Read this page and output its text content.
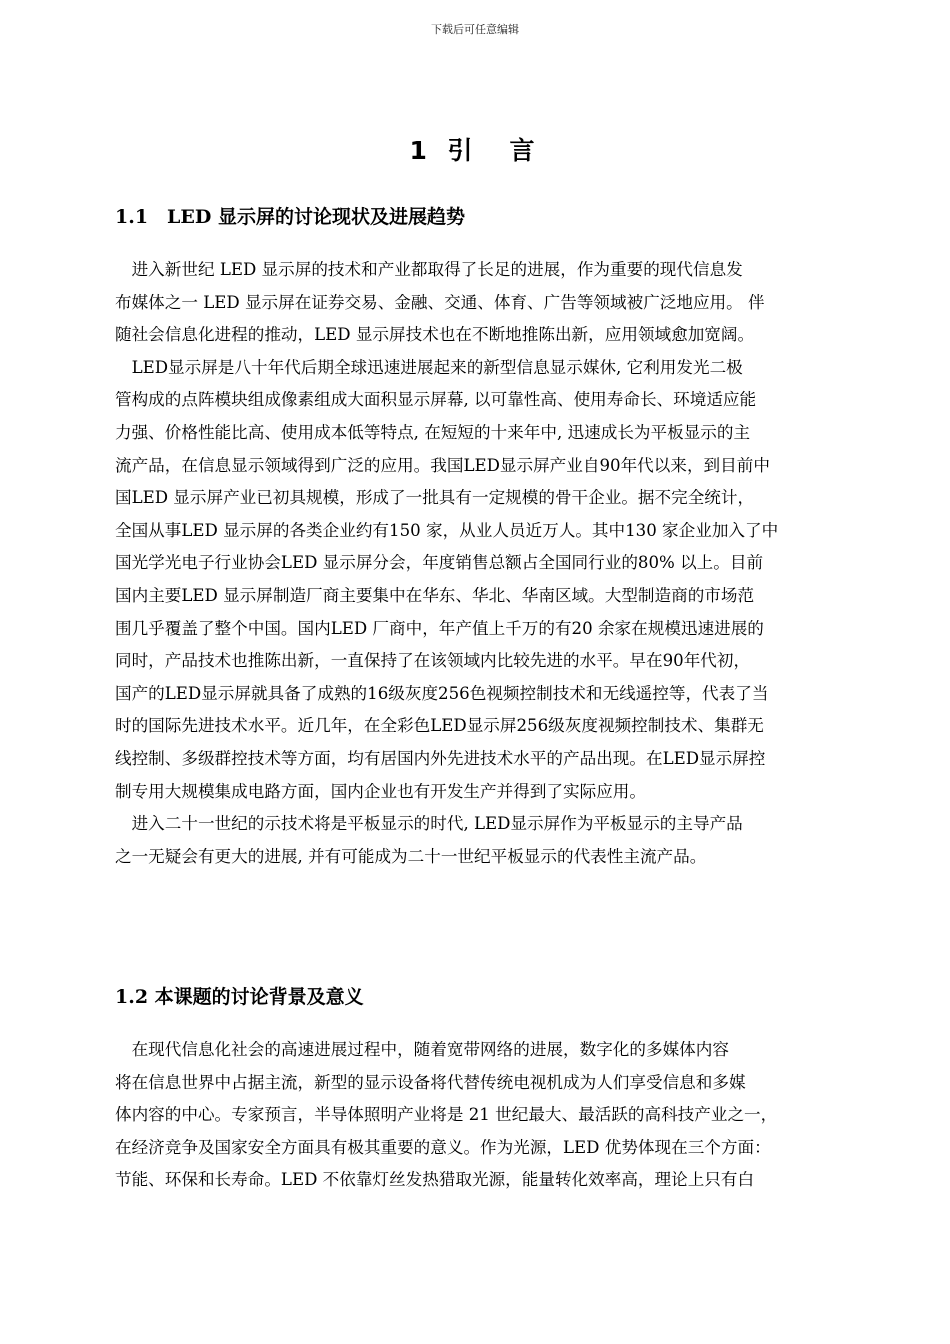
下载后可任意编辑
1 引　言
1.1　LED 显示屏的讨论现状及进展趋势
　进入新世纪 LED 显示屏的技术和产业都取得了长足的进展，作为重要的现代信息发
布媒体之一 LED 显示屏在证券交易、金融、交通、体育、广告等领域被广泛地应用。 伴
随社会信息化进程的推动，LED 显示屏技术也在不断地推陈出新，应用领域愈加宽阔。
　LED显示屏是八十年代后期全球迅速进展起来的新型信息显示媒休, 它利用发光二极
管构成的点阵模块组成像素组成大面积显示屏幕, 以可靠性高、使用寿命长、环境适应能
力强、价格性能比高、使用成本低等特点, 在短短的十来年中, 迅速成长为平板显示的主
流产品，在信息显示领域得到广泛的应用。我国LED显示屏产业自90年代以来，到目前中
国LED 显示屏产业已初具规模，形成了一批具有一定规模的骨干企业。据不完全统计，
全国从事LED 显示屏的各类企业约有150 家，从业人员近万人。其中130 家企业加入了中
国光学光电子行业协会LED 显示屏分会，年度销售总额占全国同行业的80% 以上。目前
国内主要LED 显示屏制造厂商主要集中在华东、华北、华南区域。大型制造商的市场范
围几乎覆盖了整个中国。国内LED 厂商中，年产值上千万的有20 余家在规模迅速进展的
同时，产品技术也推陈出新，一直保持了在该领域内比较先进的水平。早在90年代初，
国产的LED显示屏就具备了成熟的16级灰度256色视频控制技术和无线遥控等，代表了当
时的国际先进技术水平。近几年，在全彩色LED显示屏256级灰度视频控制技术、集群无
线控制、多级群控技术等方面，均有居国内外先进技术水平的产品出现。在LED显示屏控
制专用大规模集成电路方面，国内企业也有开发生产并得到了实际应用。
　进入二十一世纪的示技术将是平板显示的时代, LED显示屏作为平板显示的主导产品
之一无疑会有更大的进展, 并有可能成为二十一世纪平板显示的代表性主流产品。
1.2 本课题的讨论背景及意义
　在现代信息化社会的高速进展过程中，随着宽带网络的进展，数字化的多媒体内容
将在信息世界中占据主流，新型的显示设备将代替传统电视机成为人们享受信息和多媒
体内容的中心。专家预言，半导体照明产业将是 21 世纪最大、最活跃的高科技产业之一，
在经济竞争及国家安全方面具有极其重要的意义。作为光源，LED 优势体现在三个方面：
节能、环保和长寿命。LED 不依靠灯丝发热猎取光源，能量转化效率高，理论上只有白
